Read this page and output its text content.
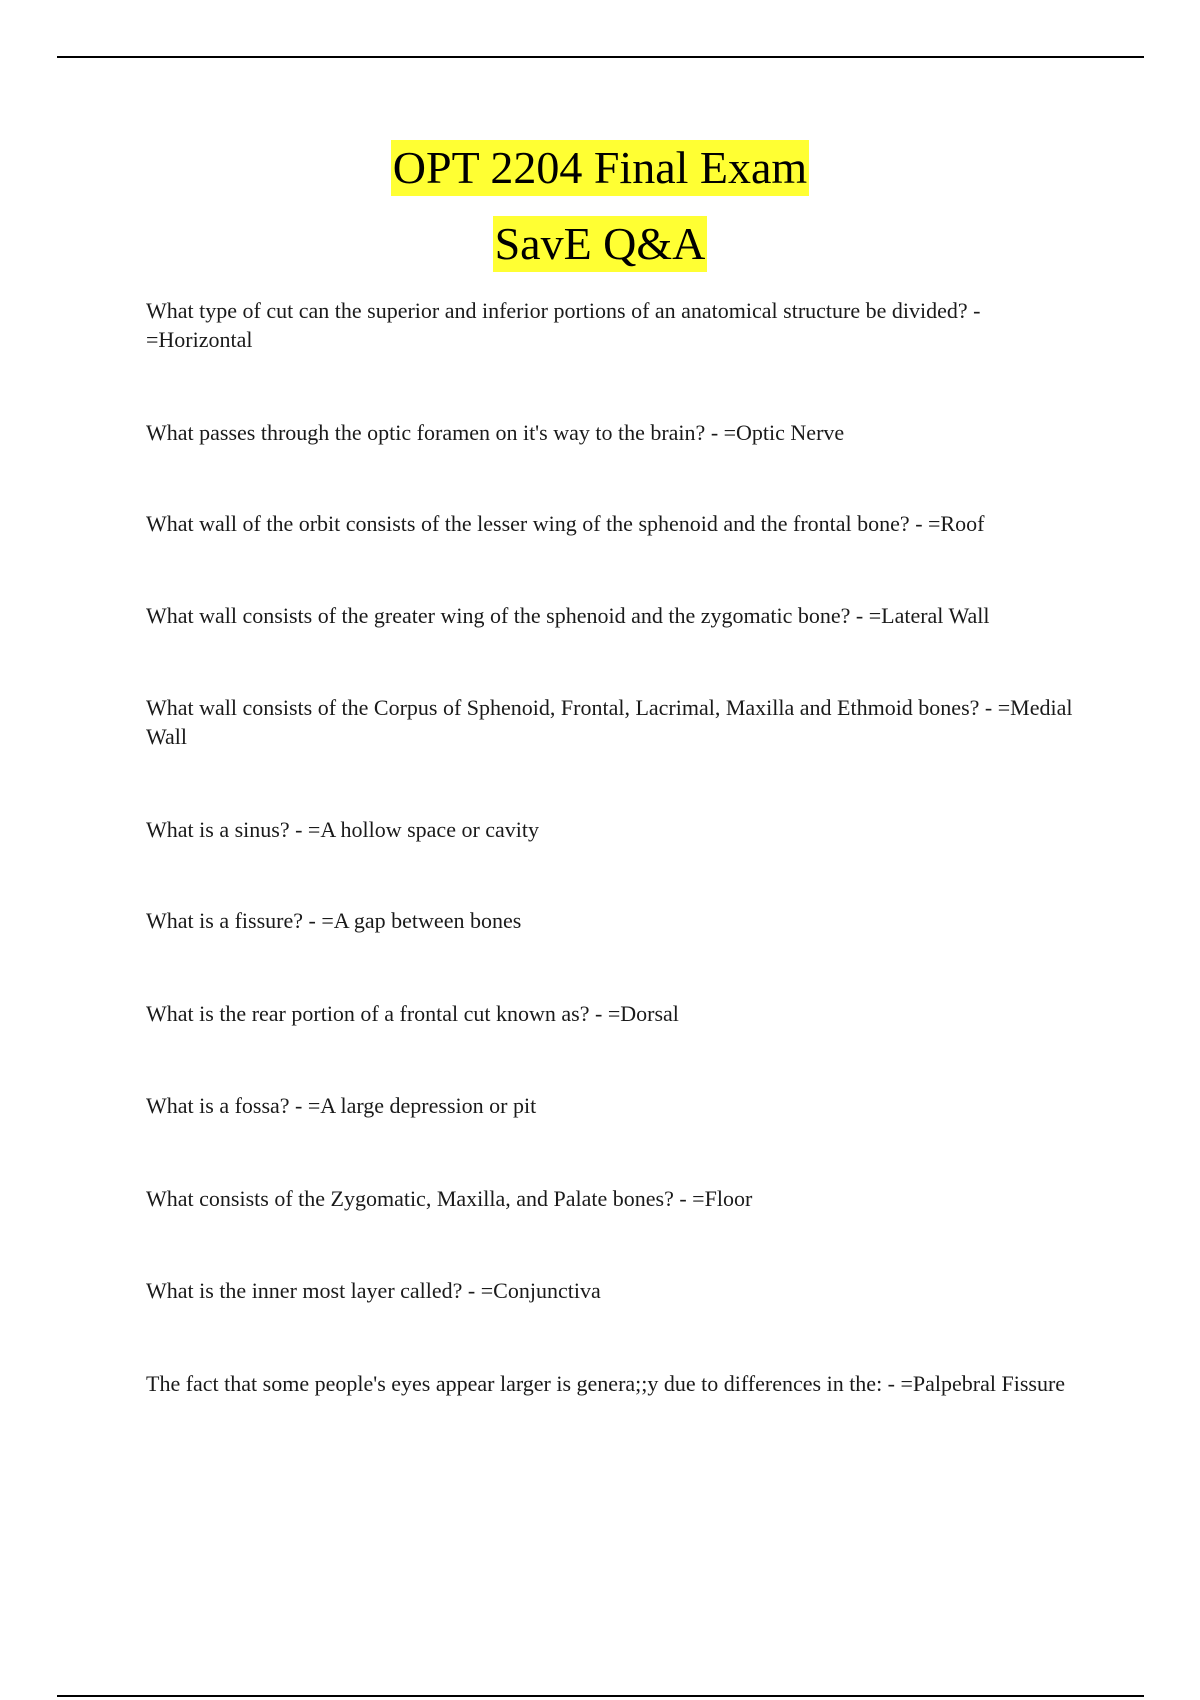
OPT 2204 Final Exam
SavE Q&A
What type of cut can the superior and inferior portions of an anatomical structure be divided? - =Horizontal
What passes through the optic foramen on it's way to the brain? - =Optic Nerve
What wall of the orbit consists of the lesser wing of the sphenoid and the frontal bone? - =Roof
What wall consists of the greater wing of the sphenoid and the zygomatic bone? - =Lateral Wall
What wall consists of the Corpus of Sphenoid, Frontal, Lacrimal, Maxilla and Ethmoid bones? - =Medial Wall
What is a sinus? - =A hollow space or cavity
What is a fissure? - =A gap between bones
What is the rear portion of a frontal cut known as? - =Dorsal
What is a fossa? - =A large depression or pit
What consists of the Zygomatic, Maxilla, and Palate bones? - =Floor
What is the inner most layer called? - =Conjunctiva
The fact that some people's eyes appear larger is genera;;y due to differences in the: - =Palpebral Fissure
